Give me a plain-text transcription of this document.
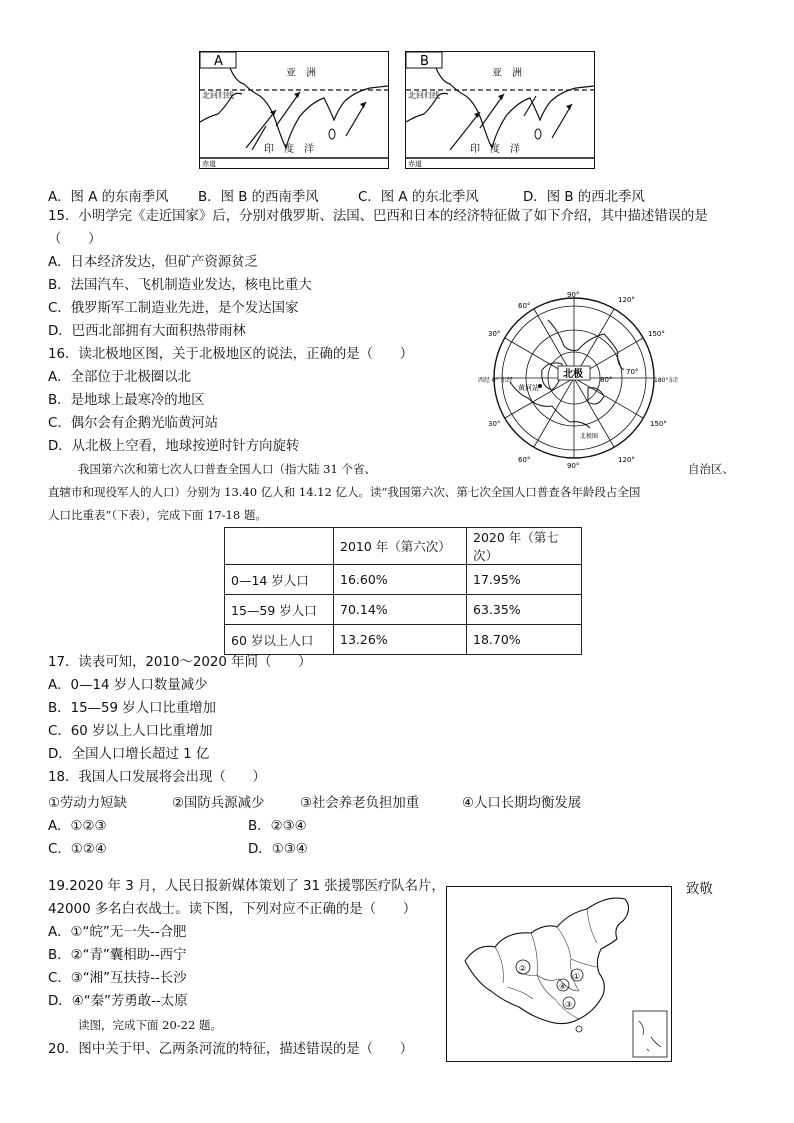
A
北回归线
亚　洲
印　度　洋
赤道
B
北回归线
亚　洲
印　度　洋
赤道
A．图 A 的东南季风 B．图 B 的西南季风	C．图 A 的东北季风	D．图 B 的西北季风
15．小明学完《走近国家》后，分别对俄罗斯、法国、巴西和日本的经济特征做了如下介绍，其中描述错误的是
（　　）
A．日本经济发达，但矿产资源贫乏
B．法国汽车、飞机制造业发达，核电比重大
C．俄罗斯军工制造业先进，是个发达国家
D．巴西北部拥有大面积热带雨林
16．读北极地区图，关于北极地区的说法，正确的是（　　）
A．全部位于北极圈以北
B．是地球上最寒冷的地区
C．偶尔会有企鹅光临黄河站
D．从北极上空看，地球按逆时针方向旋转
北极
黄河站
80°
70°
北极圈
90°
120°
60°
30°	150°
西经 0° 东经	180°东经
30°	150°
60°
90°
120°
我国第六次和第七次人口普查全国人口（指大陆 31 个省、	自治区、
直辖市和现役军人的人口）分别为 13.40 亿人和 14.12 亿人。读“我国第六次、第七次全国人口普查各年龄段占全国
人口比重表”（下表），完成下面 17-18 题。
	2010 年（第六次）	2020 年（第七次）
0—14 岁人口	16.60%	17.95%
15—59 岁人口	70.14%	63.35%
60 岁以上人口	13.26%	18.70%
17．读表可知，2010～2020 年间（　　）
A．0—14 岁人口数量减少
B．15—59 岁人口比重增加
C．60 岁以上人口比重增加
D．全国人口增长超过 1 亿
18．我国人口发展将会出现（　　）
①劳动力短缺	②国防兵源减少	③社会养老负担加重	④人口长期均衡发展
A．①②③	B．②③④
C．①②④	D．①③④
19.2020 年 3 月，人民日报新媒体策划了 31 张援鄂医疗队名片，	致敬
42000 多名白衣战士。读下图，下列对应不正确的是（　　）
A．①“皖”无一失--合肥
B．②“青”囊相助--西宁
C．③“湘”互扶持--长沙
D．④“秦”芳勇敢--太原
②
④
①
③
读图，完成下面 20-22 题。
20．图中关于甲、乙两条河流的特征，描述错误的是（　　）
